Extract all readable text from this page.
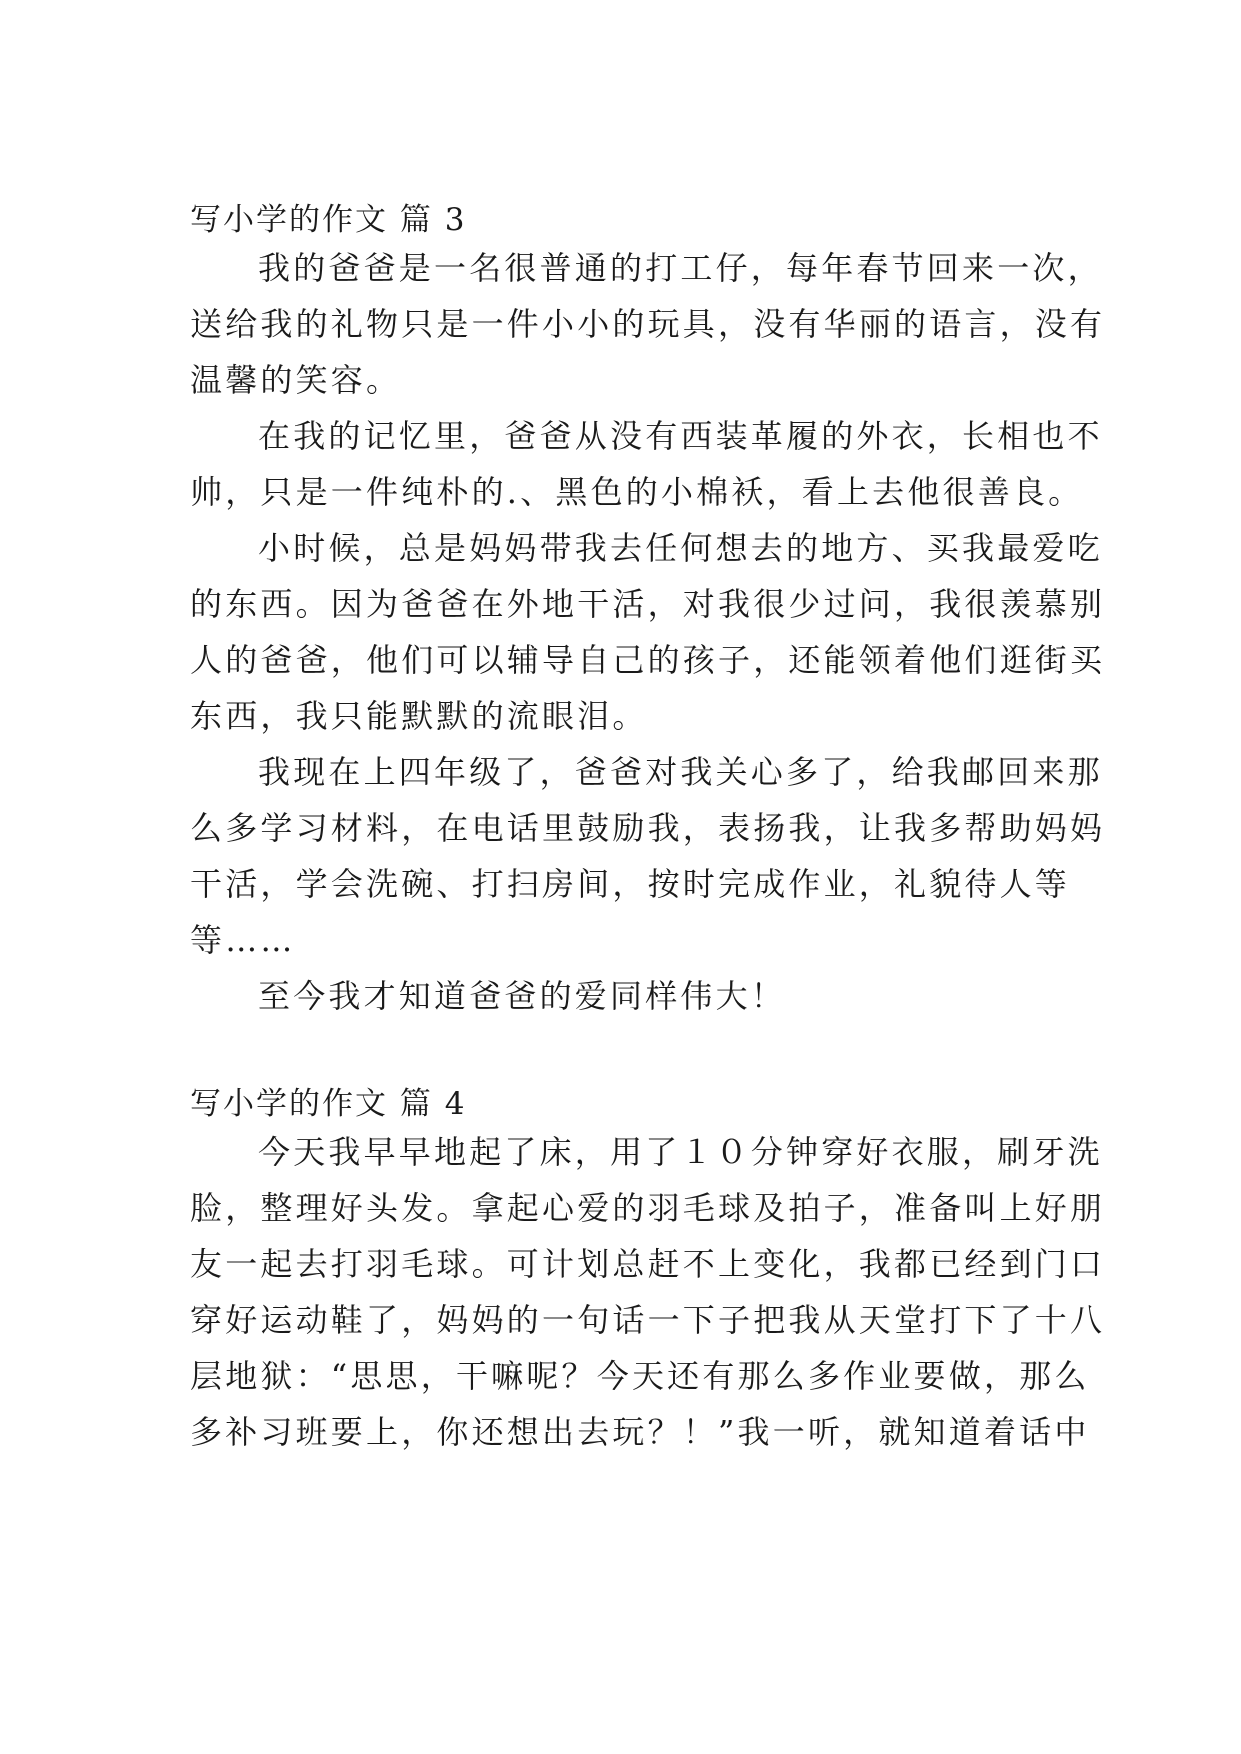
写小学的作文 篇 3
我的爸爸是一名很普通的打工仔，每年春节回来一次，
送给我的礼物只是一件小小的玩具，没有华丽的语言，没有
温馨的笑容。
在我的记忆里，爸爸从没有西装革履的外衣，长相也不
帅，只是一件纯朴的.、黑色的小棉袄，看上去他很善良。
小时候，总是妈妈带我去任何想去的地方、买我最爱吃
的东西。因为爸爸在外地干活，对我很少过问，我很羡慕别
人的爸爸，他们可以辅导自己的孩子，还能领着他们逛街买
东西，我只能默默的流眼泪。
我现在上四年级了，爸爸对我关心多了，给我邮回来那
么多学习材料，在电话里鼓励我，表扬我，让我多帮助妈妈
干活，学会洗碗、打扫房间，按时完成作业，礼貌待人等
等……
至今我才知道爸爸的爱同样伟大！
写小学的作文 篇 4
今天我早早地起了床，用了１０分钟穿好衣服，刷牙洗
脸，整理好头发。拿起心爱的羽毛球及拍子，准备叫上好朋
友一起去打羽毛球。可计划总赶不上变化，我都已经到门口
穿好运动鞋了，妈妈的一句话一下子把我从天堂打下了十八
层地狱：“思思，干嘛呢？今天还有那么多作业要做，那么
多补习班要上，你还想出去玩？！”我一听，就知道着话中
